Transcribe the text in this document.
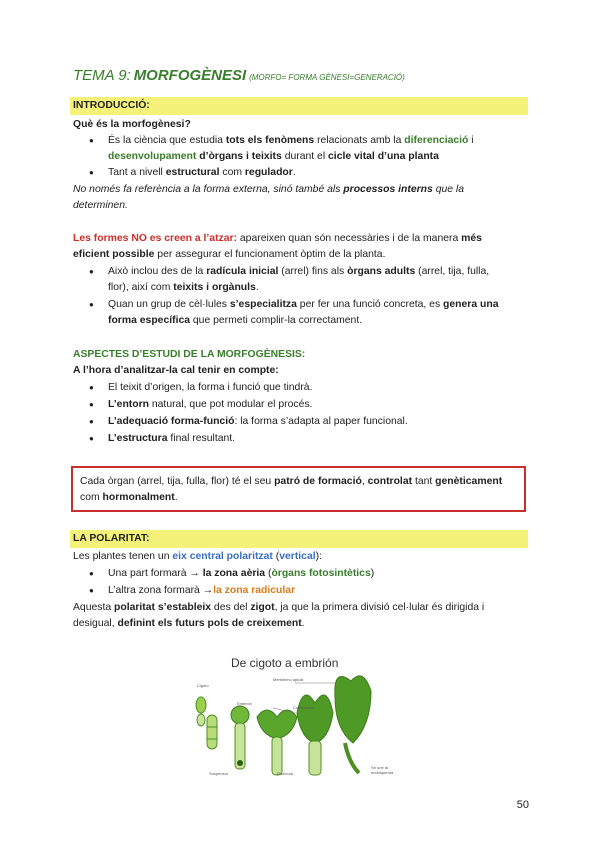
TEMA 9: MORFOGÈNESI (MORFO= FORMA GÈNESI=GENERACIÓ)
INTRODUCCIÓ:
Què és la morfogènesi?
● És la ciència que estudia tots els fenòmens relacionats amb la diferenciació i
desenvolupament d’òrgans i teixits durant el cicle vital d’una planta
● Tant a nivell estructural com regulador.
No només fa referència a la forma externa, sinó també als processos interns que la
determinen.
Les formes NO es creen a l’atzar: apareixen quan són necessàries i de la manera més
eficient possible per assegurar el funcionament òptim de la planta.
● Això inclou des de la radícula inicial (arrel) fins als òrgans adults (arrel, tija, fulla,
flor), així com teixits i orgànuls.
● Quan un grup de cèl·lules s’especialitza per fer una funció concreta, es genera una
forma específica que permeti complir-la correctament.
ASPECTES D’ESTUDI DE LA MORFOGÈNESIS:
A l’hora d’analitzar-la cal tenir en compte:
● El teixit d’origen, la forma i funció que tindrà.
● L’entorn natural, que pot modular el procés.
● L’adequació forma-funció: la forma s’adapta al paper funcional.
● L’estructura final resultant.
Cada òrgan (arrel, tija, fulla, flor) té el seu patró de formació, controlat tant genèticament
com hormonalment.
LA POLARITAT:
Les plantes tenen un eix central polaritzat (vertical):
● Una part formarà → la zona aèria (òrgans fotosintètics)
● L’altra zona formarà →la zona radicular
Aquesta polaritat s’estableix des del zigot, ja que la primera divisió cel·lular és dirigida i
desigual, definint els futurs pols de creixement.
De cigoto a embrión
Cigoto
Embrión
Meristemo apical
Cotiledones
Suspensor	Radícula
Se une al endosperma
50
